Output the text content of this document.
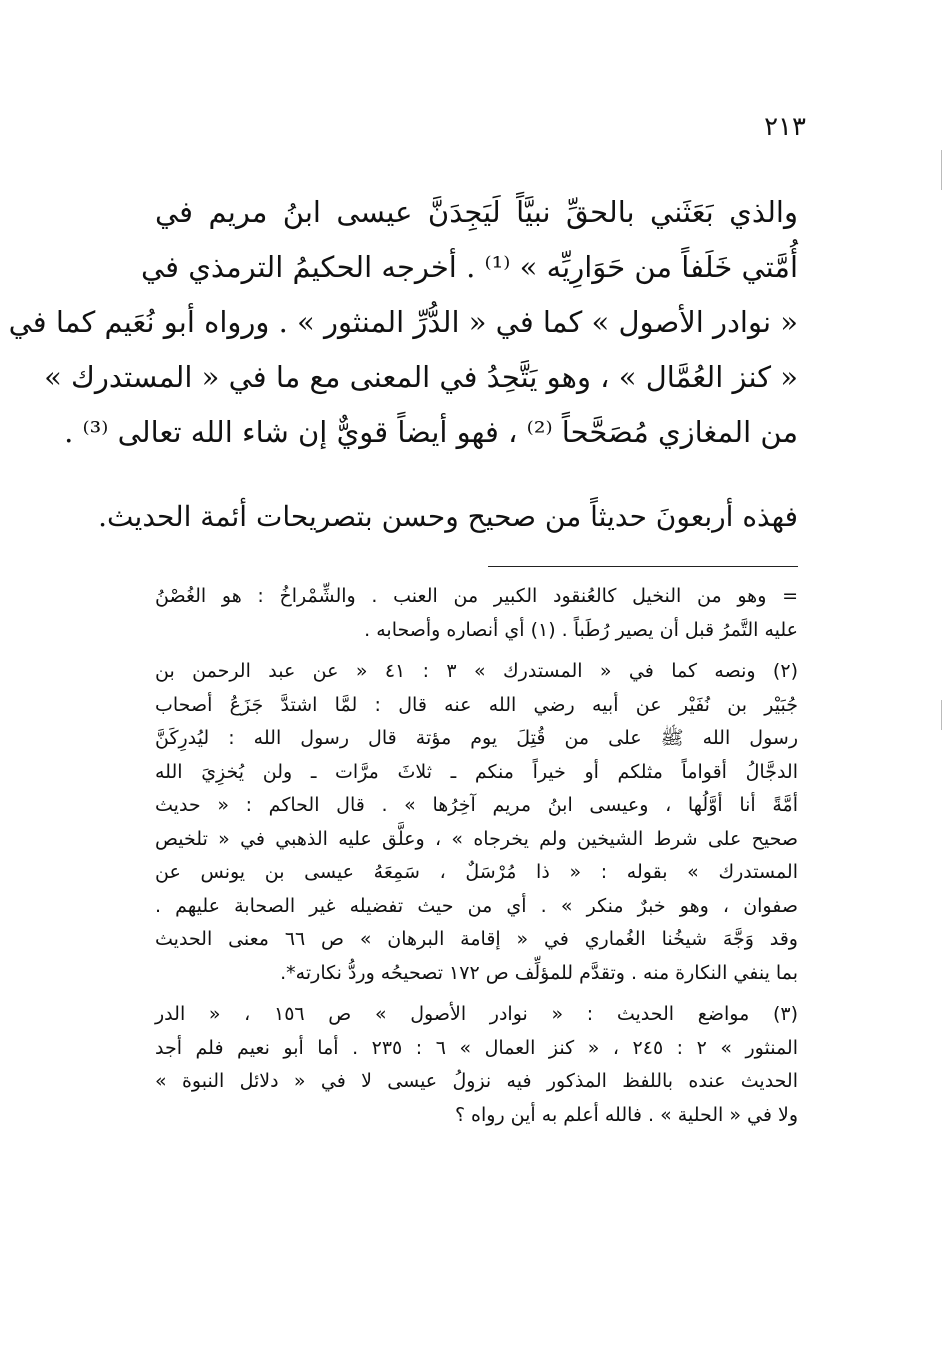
٢١٣
والذي بَعَثَني بالحقِّ نبيَّاً لَيَجِدَنَّ عيسى ابنُ مريم في
أُمَّتي خَلَفاً من حَوَارِيِّه » ⁽¹⁾ . أخرجه الحكيمُ الترمذي في
« نوادر الأصول » كما في « الدُّرِّ المنثور » . ورواه أبو نُعَيم كما في
« كنز العُمَّال » ، وهو يَتَّحِدُ في المعنى مع ما في « المستدرك »
من المغازي مُصَحَّحاً ⁽²⁾ ، فهو أيضاً قويٌّ إن شاء الله تعالى ⁽³⁾ .
فهذه أربعونَ حديثاً من صحيح وحسن بتصريحات أئمة الحديث.
= وهو من النخيل كالعُنقود الكبير من العنب . والشِّمْراخُ : هو الغُصْنُ
عليه التَّمرُ قبل أن يصير رُطَباً . (١) أي أنصاره وأصحابه .
(٢) ونصه كما في « المستدرك » ٣ : ٤١ « عن عبد الرحمن بن
جُبَيْر بن نُفَيْر عن أبيه رضي الله عنه قال : لمَّا اشتدَّ جَزَعُ أصحاب
رسول الله ﷺ على من قُتِلَ يوم مؤتة قال رسول الله : ليُدرِكَنَّ
الدجَّالُ أقواماً مثلكم أو خيراً منكم ـ ثلاثَ مرَّات ـ ولن يُخزِيَ الله
أمَّةً أنا أوَّلُها ، وعيسى ابنُ مريم آخِرُها » . قال الحاكم : « حديث
صحيح على شرط الشيخين ولم يخرجاه » ، وعلَّق عليه الذهبي في « تلخيص
المستدرك » بقوله : « ذا مُرْسَلٌ ، سَمِعَهُ عيسى بن يونس عن
صفوان ، وهو خبرٌ منكر » . أي من حيث تفضيله غير الصحابة عليهم .
وقد وَجَّهَ شيخُنا الغُماري في « إقامة البرهان » ص ٦٦ معنى الحديث
بما ينفي النكارة منه . وتقدَّم للمؤلِّف ص ١٧٢ تصحيحُه وردُّ نكارته*.
(٣) مواضع الحديث : « نوادر الأصول » ص ١٥٦ ، « الدر
المنثور » ٢ : ٢٤٥ ، « كنز العمال » ٦ : ٢٣٥ . أما أبو نعيم فلم أجد
الحديث عنده باللفظ المذكور فيه نزولُ عيسى لا في « دلائل النبوة »
ولا في « الحلية » . فالله أعلم به أين رواه ؟
